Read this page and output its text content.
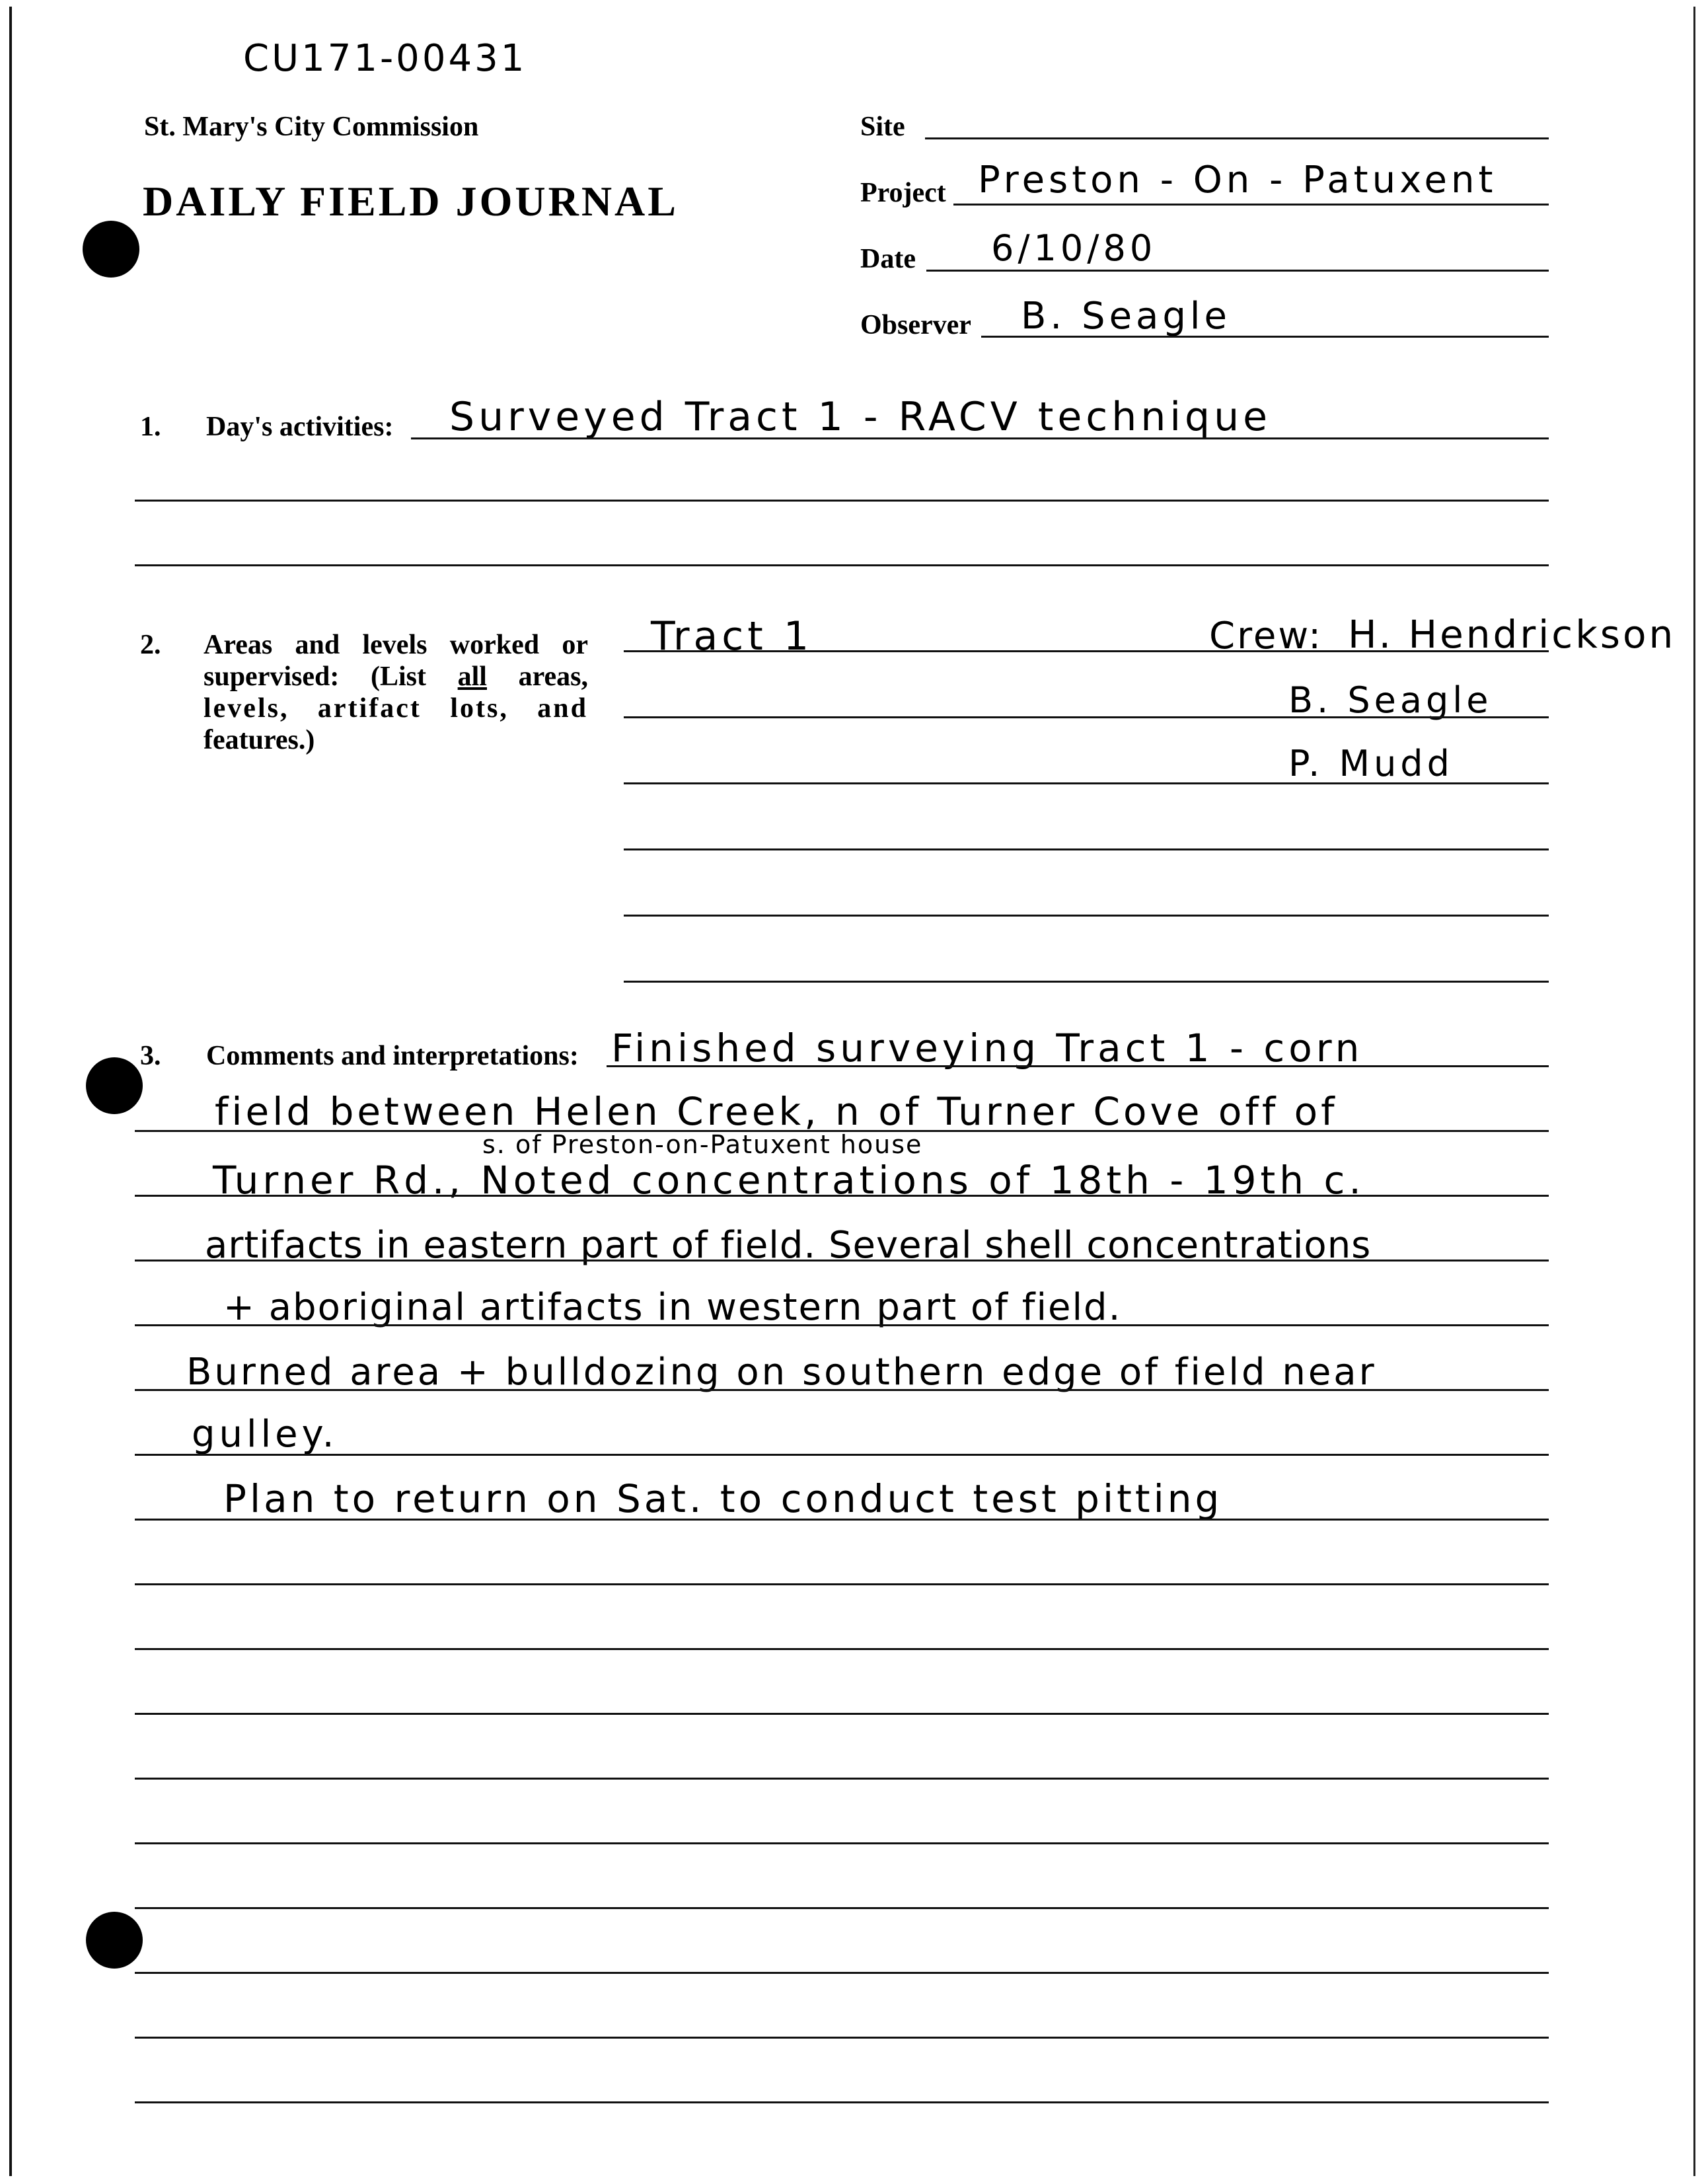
CU171-00431
St. Mary's City Commission
DAILY FIELD JOURNAL
Site
Project Preston - On - Patuxent
Date 6/10/80
Observer B. Seagle
1. Day's activities: Surveyed Tract 1 - RACV technique
2. Areas and levels worked or
supervised: (List all areas,
levels, artifact lots, and
features.)
Tract 1	Crew: H. Hendrickson
B. Seagle
P. Mudd
3. Comments and interpretations: Finished surveying Tract 1 - corn
field between Helen Creek, n of Turner Cove off of
s. of Preston-on-Patuxent house
Turner Rd., Noted concentrations of 18th - 19th c.
artifacts in eastern part of field. Several shell concentrations
+ aboriginal artifacts in western part of field.
Burned area + bulldozing on southern edge of field near
gulley.
Plan to return on Sat. to conduct test pitting
